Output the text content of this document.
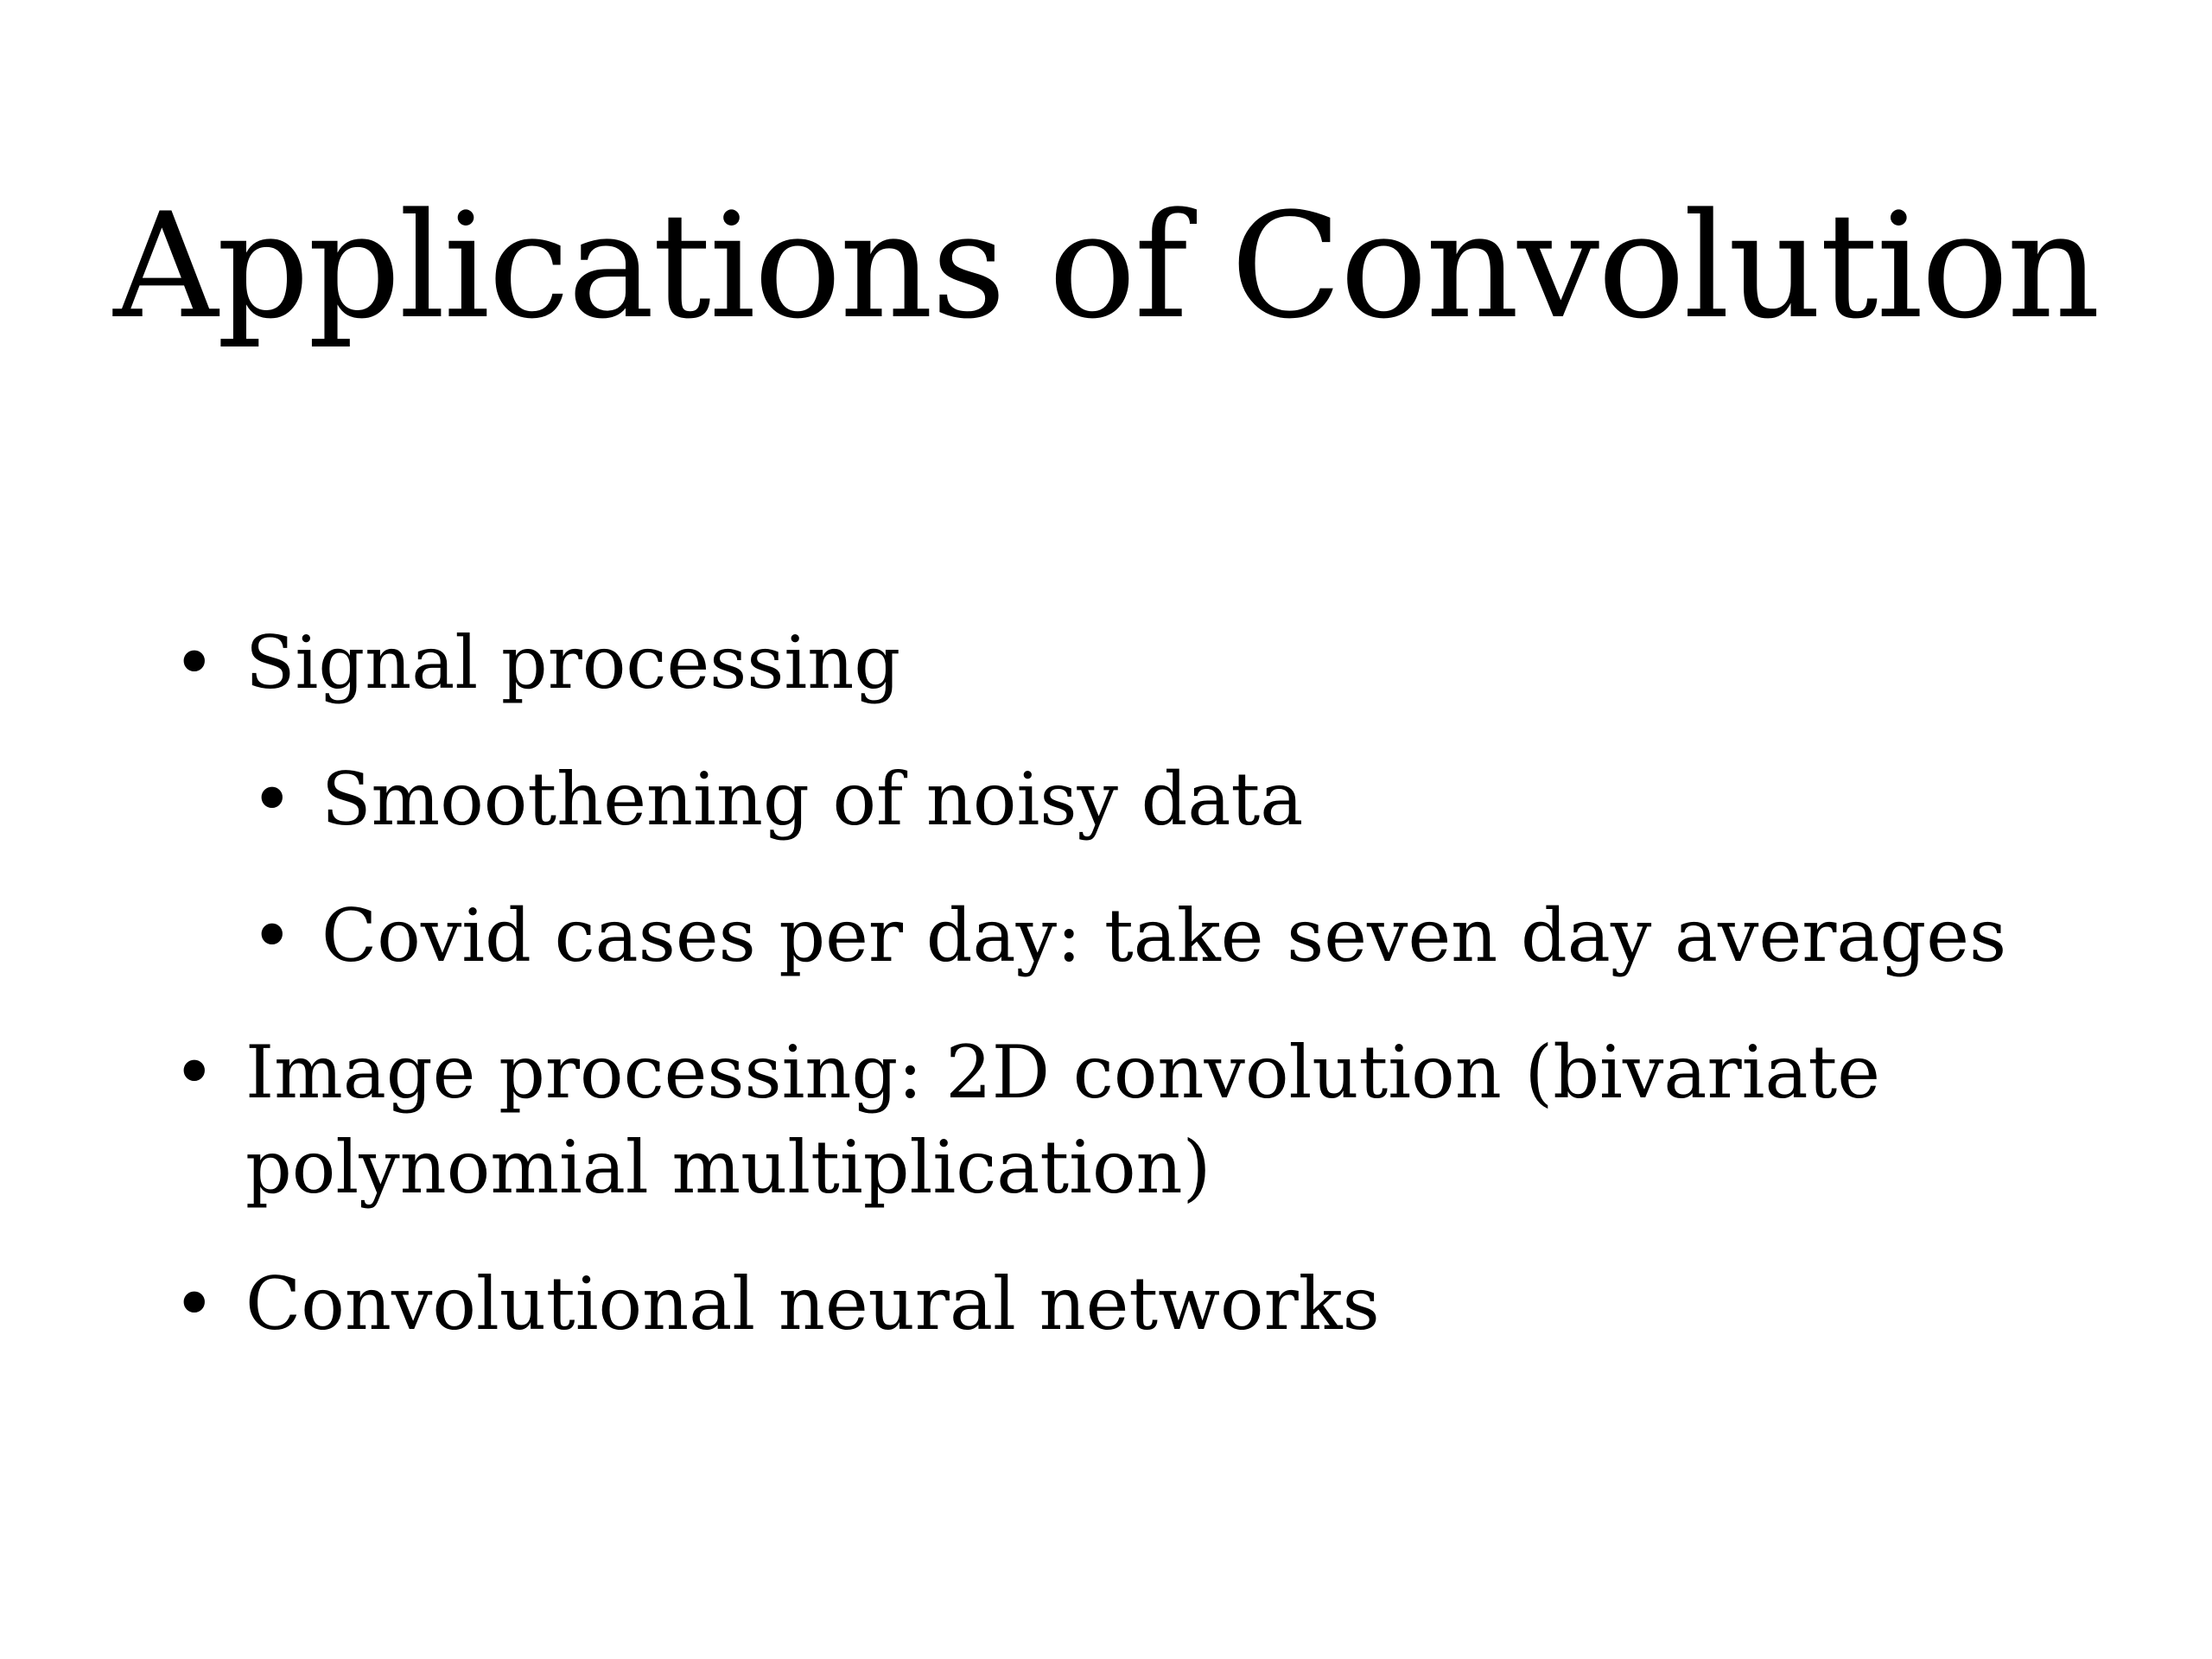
Applications of Convolution
• Signal processing
• Smoothening of noisy data
• Covid cases per day: take seven day averages
• Image processing: 2D convolution (bivariate polynomial multiplication)
• Convolutional neural networks
